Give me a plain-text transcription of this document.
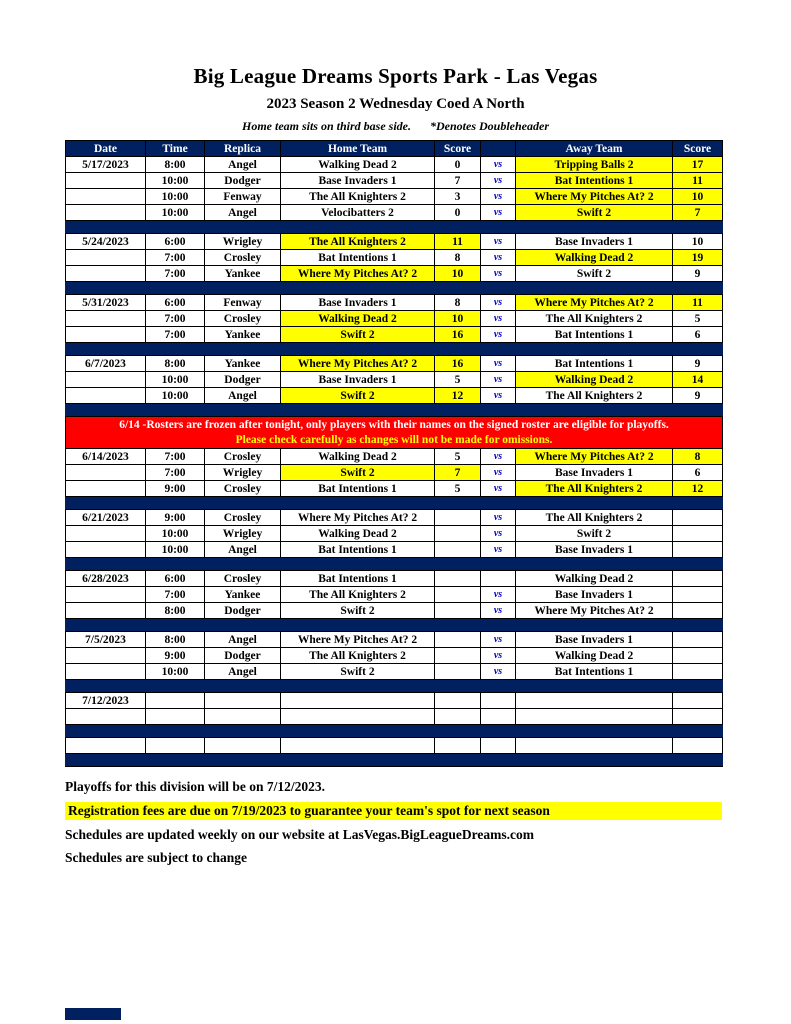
Big League Dreams Sports Park - Las Vegas
2023 Season 2 Wednesday Coed A North
Home team sits on third base side. *Denotes Doubleheader
Date	Time	Replica	Home Team	Score		Away Team	Score
5/17/2023	8:00	Angel	Walking Dead 2	0	vs	Tripping Balls 2	17
	10:00	Dodger	Base Invaders 1	7	vs	Bat Intentions 1	11
	10:00	Fenway	The All Knighters 2	3	vs	Where My Pitches At? 2	10
	10:00	Angel	Velocibatters 2	0	vs	Swift 2	7

5/24/2023	6:00	Wrigley	The All Knighters 2	11	vs	Base Invaders 1	10
	7:00	Crosley	Bat Intentions 1	8	vs	Walking Dead 2	19
	7:00	Yankee	Where My Pitches At? 2	10	vs	Swift 2	9

5/31/2023	6:00	Fenway	Base Invaders 1	8	vs	Where My Pitches At? 2	11
	7:00	Crosley	Walking Dead 2	10	vs	The All Knighters 2	5
	7:00	Yankee	Swift 2	16	vs	Bat Intentions 1	6

6/7/2023	8:00	Yankee	Where My Pitches At? 2	16	vs	Bat Intentions 1	9
	10:00	Dodger	Base Invaders 1	5	vs	Walking Dead 2	14
	10:00	Angel	Swift 2	12	vs	The All Knighters 2	9

6/14 -Rosters are frozen after tonight, only players with their names on the signed roster are eligible for playoffs.
Please check carefully as changes will not be made for omissions.							

6/14/2023	7:00	Crosley	Walking Dead 2	5	vs	Where My Pitches At? 2	8
	7:00	Wrigley	Swift 2	7	vs	Base Invaders 1	6
	9:00	Crosley	Bat Intentions 1	5	vs	The All Knighters 2	12

6/21/2023	9:00	Crosley	Where My Pitches At? 2		vs	The All Knighters 2	
	10:00	Wrigley	Walking Dead 2		vs	Swift 2	
	10:00	Angel	Bat Intentions 1		vs	Base Invaders 1	

6/28/2023	6:00	Crosley	Bat Intentions 1			Walking Dead 2	
	7:00	Yankee	The All Knighters 2		vs	Base Invaders 1	
	8:00	Dodger	Swift 2		vs	Where My Pitches At? 2	

7/5/2023	8:00	Angel	Where My Pitches At? 2		vs	Base Invaders 1	
	9:00	Dodger	The All Knighters 2		vs	Walking Dead 2	
	10:00	Angel	Swift 2		vs	Bat Intentions 1	

7/12/2023							

Playoffs for this division will be on 7/12/2023.
Registration fees are due on 7/19/2023 to guarantee your team's spot for next season
Schedules are updated weekly on our website at LasVegas.BigLeagueDreams.com
Schedules are subject to change
